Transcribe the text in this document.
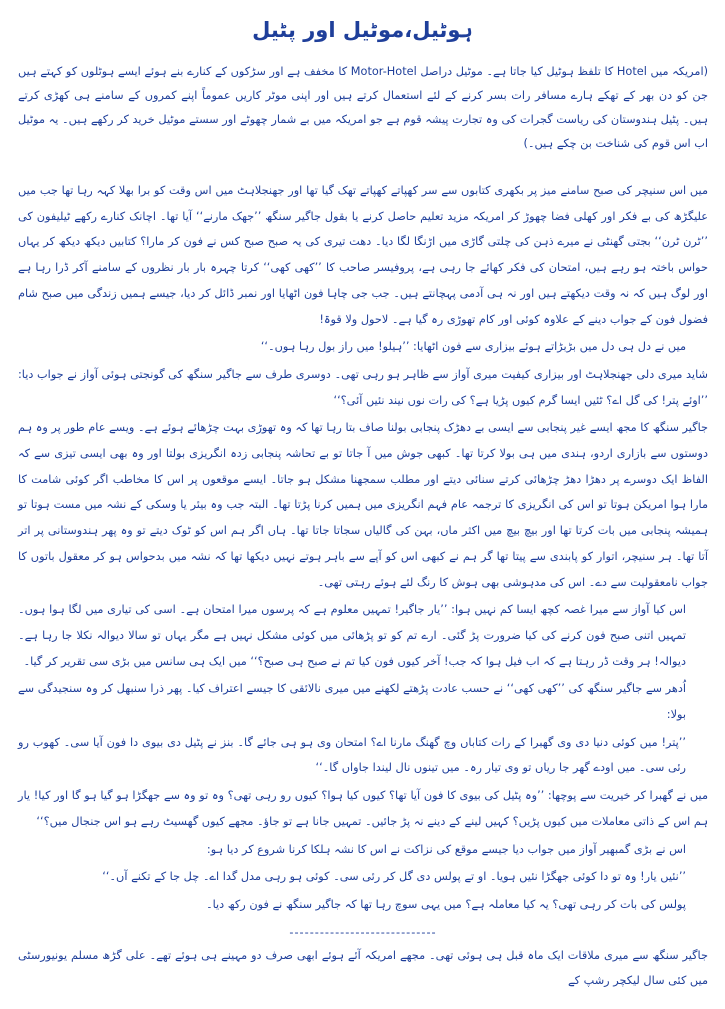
ہوٹیل،موٹیل اور پٹیل
(امریکہ میں Hotel کا تلفظ ہوٹیل کیا جاتا ہے۔ موٹیل دراصل Motor-Hotel کا مخفف ہے اور سڑکوں کے کنارے بنے ہوئے ایسے ہوٹلوں کو کہتے ہیں جن کو دن بھر کے تھکے ہارے مسافر رات بسر کرنے کے لئے استعمال کرتے ہیں اور اپنی موٹر کاریں عموماً اپنے کمروں کے سامنے ہی کھڑی کرتے ہیں۔ پٹیل ہندوستان کی ریاست گجرات کی وہ تجارت پیشہ قوم ہے جو امریکہ میں بے شمار چھوٹے اور سستے موٹیل خرید کر رکھے ہیں۔ یہ موٹیل اب اس قوم کی شناخت بن چکے ہیں۔)

میں اس سنیچر کی صبح سامنے میز پر بکھری کتابوں سے سر کھپاتے کھپاتے تھک گیا تھا اور جھنجلاہٹ میں اس وقت کو برا بھلا کہہ رہا تھا جب میں علیگڑھ کی بے فکر اور کھلی فضا چھوڑ کر امریکہ مزید تعلیم حاصل کرنے یا بقول جاگیر سنگھ ’’جھک مارنے‘‘ آیا تھا۔ اچانک کنارے رکھے ٹیلیفون کی ’’ٹرن ٹرن‘‘ بجتی گھنٹی نے میرے ذہن کی چلتی گاڑی میں اڑنگا لگا دیا۔ دھت تیری کی یہ صبح صبح کس نے فون کر مارا؟ کتابیں دیکھ دیکھ کر یہاں حواس باختہ ہو رہے ہیں، امتحان کی فکر کھائے جا رہی ہے، پروفیسر صاحب کا ’’کھی کھی‘‘ کرتا چہرہ بار بار نظروں کے سامنے آکر ڈرا رہا ہے اور لوگ ہیں کہ نہ وقت دیکھتے ہیں اور نہ ہی آدمی پہچانتے ہیں۔ جب جی چاہا فون اٹھایا اور نمبر ڈائل کر دیا، جیسے ہمیں زندگی میں صبح شام فضول فون کے جواب دینے کے علاوہ کوئی اور کام تھوڑی رہ گیا ہے۔ لاحول ولا قوۃ!

میں نے دل ہی دل میں بڑبڑاتے ہوئے بیزاری سے فون اٹھایا: ’’ہیلو! میں راز بول رہا ہوں۔‘‘

شاید میری دلی جھنجلاہٹ اور بیزاری کیفیت میری آواز سے ظاہر ہو رہی تھی۔ دوسری طرف سے جاگیر سنگھ کی گونجتی ہوئی آواز نے جواب دیا: ’’اوئے پتر! کی گل اے؟ ٹئیں ایسا گرم کیوں پڑیا ہے؟ کی رات نوں نیند نئیں آئی؟‘‘

جاگیر سنگھ کا مجھ ایسے غیر پنجابی سے ایسی بے دھڑک پنجابی بولنا صاف بتا رہا تھا کہ وہ تھوڑی بہت چڑھائے ہوئے ہے۔ ویسے عام طور پر وہ ہم دوستوں سے بازاری اردو، ہندی میں ہی بولا کرتا تھا۔ کبھی جوش میں آ جاتا تو بے تحاشہ پنجابی زدہ انگریزی بولتا اور وہ بھی ایسی تیزی سے کہ الفاظ ایک دوسرے پر دھڑا دھڑ چڑھائی کرتے سنائی دیتے اور مطلب سمجھنا مشکل ہو جاتا۔ ایسے موقعوں پر اس کا مخاطب اگر کوئی شامت کا مارا ہوا امریکن ہوتا تو اس کی انگریزی کا ترجمہ عام فہم انگریزی میں ہمیں کرنا پڑتا تھا۔ البتہ جب وہ بیئر یا وسکی کے نشہ میں مست ہوتا تو ہمیشہ پنجابی میں بات کرتا تھا اور بیچ بیچ میں اکثر ماں، بہن کی گالیاں سجاتا جاتا تھا۔ ہاں اگر ہم اس کو ٹوک دیتے تو وہ پھر ہندوستانی پر اتر آتا تھا۔ ہر سنیچر، اتوار کو پابندی سے پیتا تھا گر ہم نے کبھی اس کو آپے سے باہر ہوتے نہیں دیکھا تھا کہ نشہ میں بدحواس ہو کر معقول باتوں کا جواب نامعقولیت سے دے۔ اس کی مدہوشی بھی ہوش کا رنگ لئے ہوئے رہتی تھی۔

اس کیا آواز سے میرا غصہ کچھ ایسا کم نہیں ہوا: ’’یار جاگیر! تمہیں معلوم ہے کہ پرسوں میرا امتحان ہے۔ اسی کی تیاری میں لگا ہوا ہوں۔ تمہیں اتنی صبح فون کرنے کی کیا ضرورت پڑ گئی۔ ارے تم کو تو پڑھائی میں کوئی مشکل نہیں ہے مگر یہاں تو سالا دیوالہ نکلا جا رہا ہے۔ دیوالہ! ہر وقت ڈر رہتا ہے کہ اب فیل ہوا کہ جب! آخر کیوں فون کیا تم نے صبح ہی صبح؟‘‘ میں ایک ہی سانس میں بڑی سی تقریر کر گیا۔

اُدھر سے جاگیر سنگھ کی ’’کھی کھی‘‘ نے حسب عادت پڑھتے لکھنے میں میری نالائقی کا جیسے اعتراف کیا۔ پھر ذرا سنبھل کر وہ سنجیدگی سے بولا:

’’پتر! میں کوئی دنیا دی وی گھبرا کے رات کتاباں وچ گھنگ مارنا اے؟ امتحان وی ہو ہی جائے گا۔ بنز نے پٹیل دی بیوی دا فون آیا سی۔ کھوب رو رئی سی۔ میں اودے گھر جا ریاں تو وی تیار رہ۔ میں تینوں نال لیندا جاواں گا۔‘‘

میں نے گھبرا کر خیریت سے پوچھا: ’’وہ پٹیل کی بیوی کا فون آیا تھا؟ کیوں کیا ہوا؟ کیوں رو رہی تھی؟ وہ تو وہ سے جھگڑا ہو گیا ہو گا اور کیا! یار ہم اس کے ذاتی معاملات میں کیوں پڑیں؟ کہیں لینے کے دینے نہ پڑ جائیں۔ تمہیں جانا ہے تو جاؤ۔ مجھے کیوں گھسیٹ رہے ہو اس جنجال میں؟‘‘

اس نے بڑی گمبھیر آواز میں جواب دیا جیسے موقع کی نزاکت نے اس کا نشہ ہلکا کرنا شروع کر دیا ہو:

’’نئیں یار! وہ تو دا کوئی جھگڑا نئیں ہویا۔ او تے پولس دی گل کر رئی سی۔ کوئی ہو رہی مدل گدا اے۔ چل جا کے تکنے آں۔‘‘

پولس کی بات کر رہی تھی؟ یہ کیا معاملہ ہے؟ میں یہی سوچ رہا تھا کہ جاگیر سنگھ نے فون رکھ دیا۔

-----------------------------

جاگیر سنگھ سے میری ملاقات ایک ماہ قبل ہی ہوئی تھی۔ مجھے امریکہ آئے ہوئے ابھی صرف دو مہینے ہی ہوئے تھے۔ علی گڑھ مسلم یونیورسٹی میں کئی سال لیکچر رشپ کے
